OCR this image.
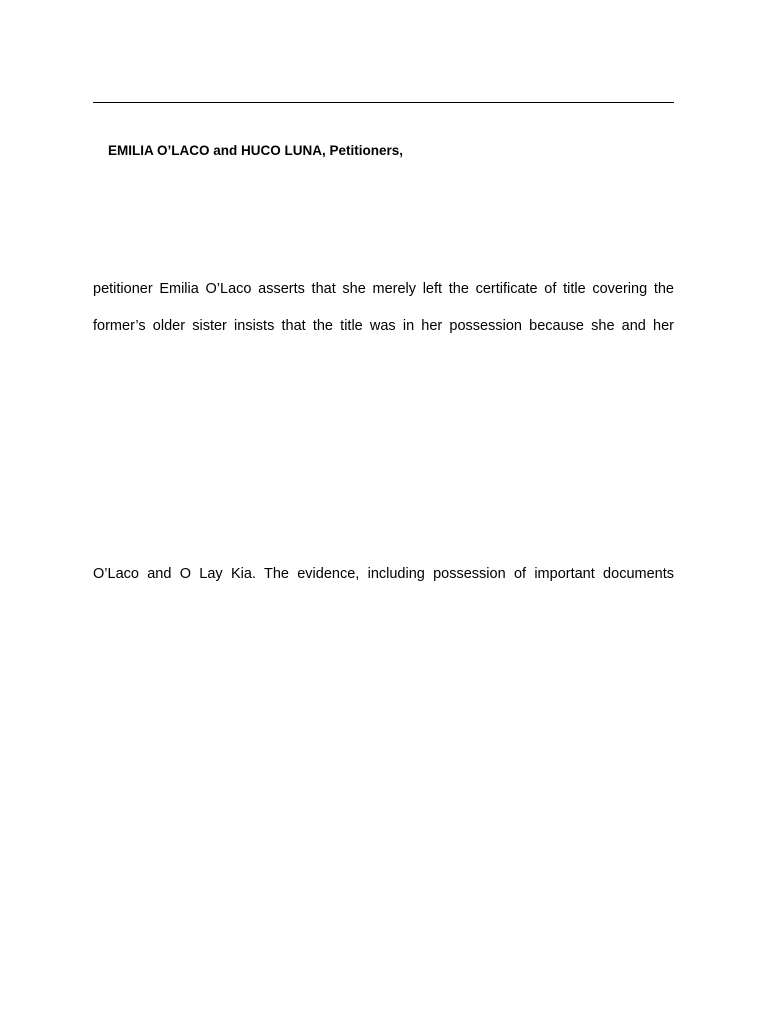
EMILIA O’LACO and HUCO LUNA, Petitioners,
petitioner Emilia O’Laco asserts that she merely left the certificate of title covering the
former’s older sister insists that the title was in her possession because she and her
O’Laco and O Lay Kia. The evidence, including possession of important documents
